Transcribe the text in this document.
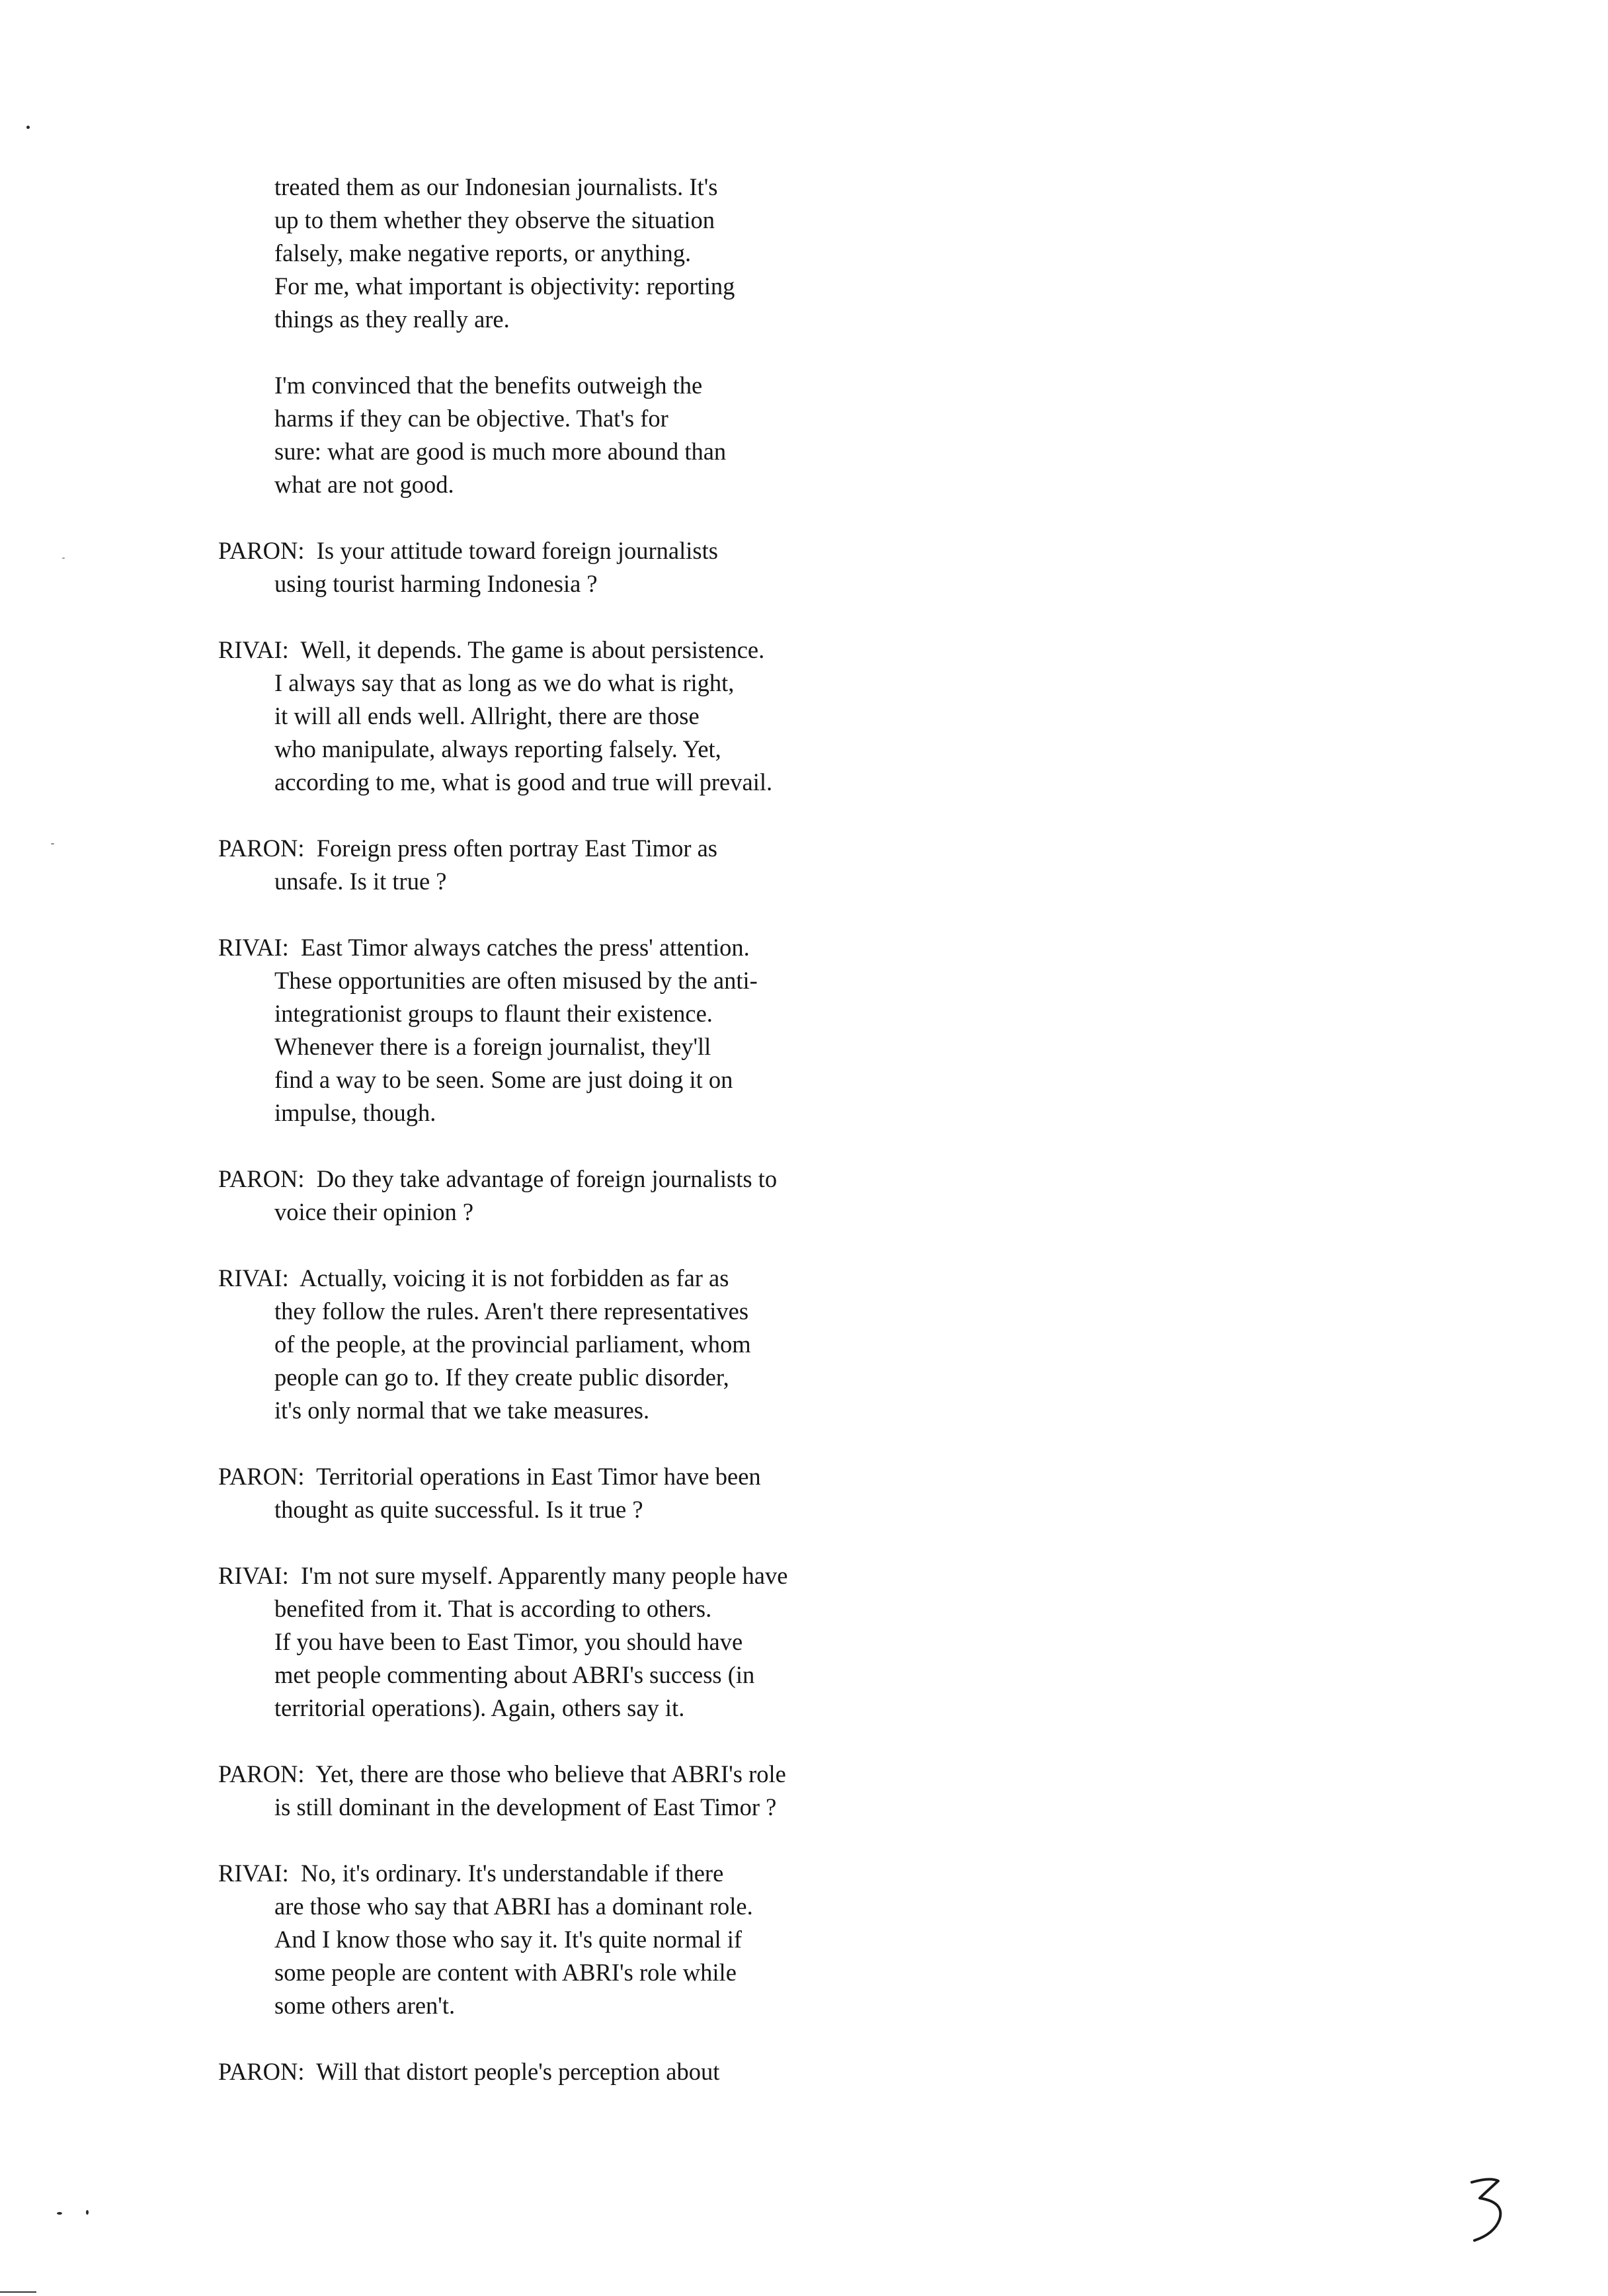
treated them as our Indonesian journalists. It's

up to them whether they observe the situation

falsely, make negative reports, or anything.

For me, what important is objectivity: reporting

things as they really are.

I'm convinced that the benefits outweigh the

harms if they can be objective. That's for

sure: what are good is much more abound than

what are not good.

PARON:  Is your attitude toward foreign journalists

using tourist harming Indonesia ?

RIVAI:  Well, it depends. The game is about persistence.

I always say that as long as we do what is right,

it will all ends well. Allright, there are those

who manipulate, always reporting falsely. Yet,

according to me, what is good and true will prevail.

PARON:  Foreign press often portray East Timor as

unsafe. Is it true ?

RIVAI:  East Timor always catches the press' attention.

These opportunities are often misused by the anti-

integrationist groups to flaunt their existence.

Whenever there is a foreign journalist, they'll

find a way to be seen. Some are just doing it on

impulse, though.

PARON:  Do they take advantage of foreign journalists to

voice their opinion ?

RIVAI:  Actually, voicing it is not forbidden as far as

they follow the rules. Aren't there representatives

of the people, at the provincial parliament, whom

people can go to. If they create public disorder,

it's only normal that we take measures.

PARON:  Territorial operations in East Timor have been

thought as quite successful. Is it true ?

RIVAI:  I'm not sure myself. Apparently many people have

benefited from it. That is according to others.

If you have been to East Timor, you should have

met people commenting about ABRI's success (in

territorial operations). Again, others say it.

PARON:  Yet, there are those who believe that ABRI's role

is still dominant in the development of East Timor ?

RIVAI:  No, it's ordinary. It's understandable if there

are those who say that ABRI has a dominant role.

And I know those who say it. It's quite normal if

some people are content with ABRI's role while

some others aren't.

PARON:  Will that distort people's perception about
